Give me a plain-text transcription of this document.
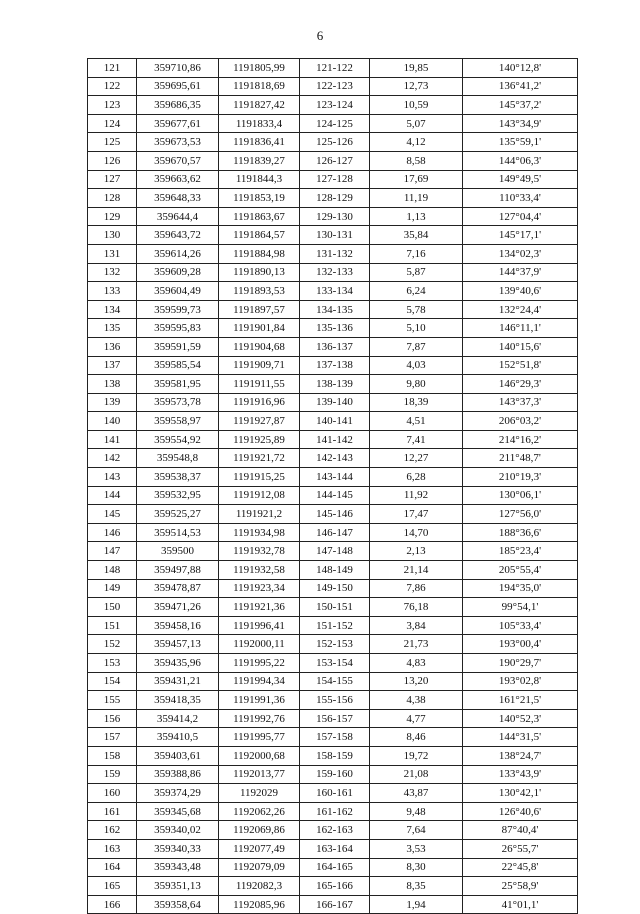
6
121	359710,86	1191805,99	121-122	19,85	140°12,8'
122	359695,61	1191818,69	122-123	12,73	136°41,2'
123	359686,35	1191827,42	123-124	10,59	145°37,2'
124	359677,61	1191833,4	124-125	5,07	143°34,9'
125	359673,53	1191836,41	125-126	4,12	135°59,1'
126	359670,57	1191839,27	126-127	8,58	144°06,3'
127	359663,62	1191844,3	127-128	17,69	149°49,5'
128	359648,33	1191853,19	128-129	11,19	110°33,4'
129	359644,4	1191863,67	129-130	1,13	127°04,4'
130	359643,72	1191864,57	130-131	35,84	145°17,1'
131	359614,26	1191884,98	131-132	7,16	134°02,3'
132	359609,28	1191890,13	132-133	5,87	144°37,9'
133	359604,49	1191893,53	133-134	6,24	139°40,6'
134	359599,73	1191897,57	134-135	5,78	132°24,4'
135	359595,83	1191901,84	135-136	5,10	146°11,1'
136	359591,59	1191904,68	136-137	7,87	140°15,6'
137	359585,54	1191909,71	137-138	4,03	152°51,8'
138	359581,95	1191911,55	138-139	9,80	146°29,3'
139	359573,78	1191916,96	139-140	18,39	143°37,3'
140	359558,97	1191927,87	140-141	4,51	206°03,2'
141	359554,92	1191925,89	141-142	7,41	214°16,2'
142	359548,8	1191921,72	142-143	12,27	211°48,7'
143	359538,37	1191915,25	143-144	6,28	210°19,3'
144	359532,95	1191912,08	144-145	11,92	130°06,1'
145	359525,27	1191921,2	145-146	17,47	127°56,0'
146	359514,53	1191934,98	146-147	14,70	188°36,6'
147	359500	1191932,78	147-148	2,13	185°23,4'
148	359497,88	1191932,58	148-149	21,14	205°55,4'
149	359478,87	1191923,34	149-150	7,86	194°35,0'
150	359471,26	1191921,36	150-151	76,18	99°54,1'
151	359458,16	1191996,41	151-152	3,84	105°33,4'
152	359457,13	1192000,11	152-153	21,73	193°00,4'
153	359435,96	1191995,22	153-154	4,83	190°29,7'
154	359431,21	1191994,34	154-155	13,20	193°02,8'
155	359418,35	1191991,36	155-156	4,38	161°21,5'
156	359414,2	1191992,76	156-157	4,77	140°52,3'
157	359410,5	1191995,77	157-158	8,46	144°31,5'
158	359403,61	1192000,68	158-159	19,72	138°24,7'
159	359388,86	1192013,77	159-160	21,08	133°43,9'
160	359374,29	1192029	160-161	43,87	130°42,1'
161	359345,68	1192062,26	161-162	9,48	126°40,6'
162	359340,02	1192069,86	162-163	7,64	87°40,4'
163	359340,33	1192077,49	163-164	3,53	26°55,7'
164	359343,48	1192079,09	164-165	8,30	22°45,8'
165	359351,13	1192082,3	165-166	8,35	25°58,9'
166	359358,64	1192085,96	166-167	1,94	41°01,1'
